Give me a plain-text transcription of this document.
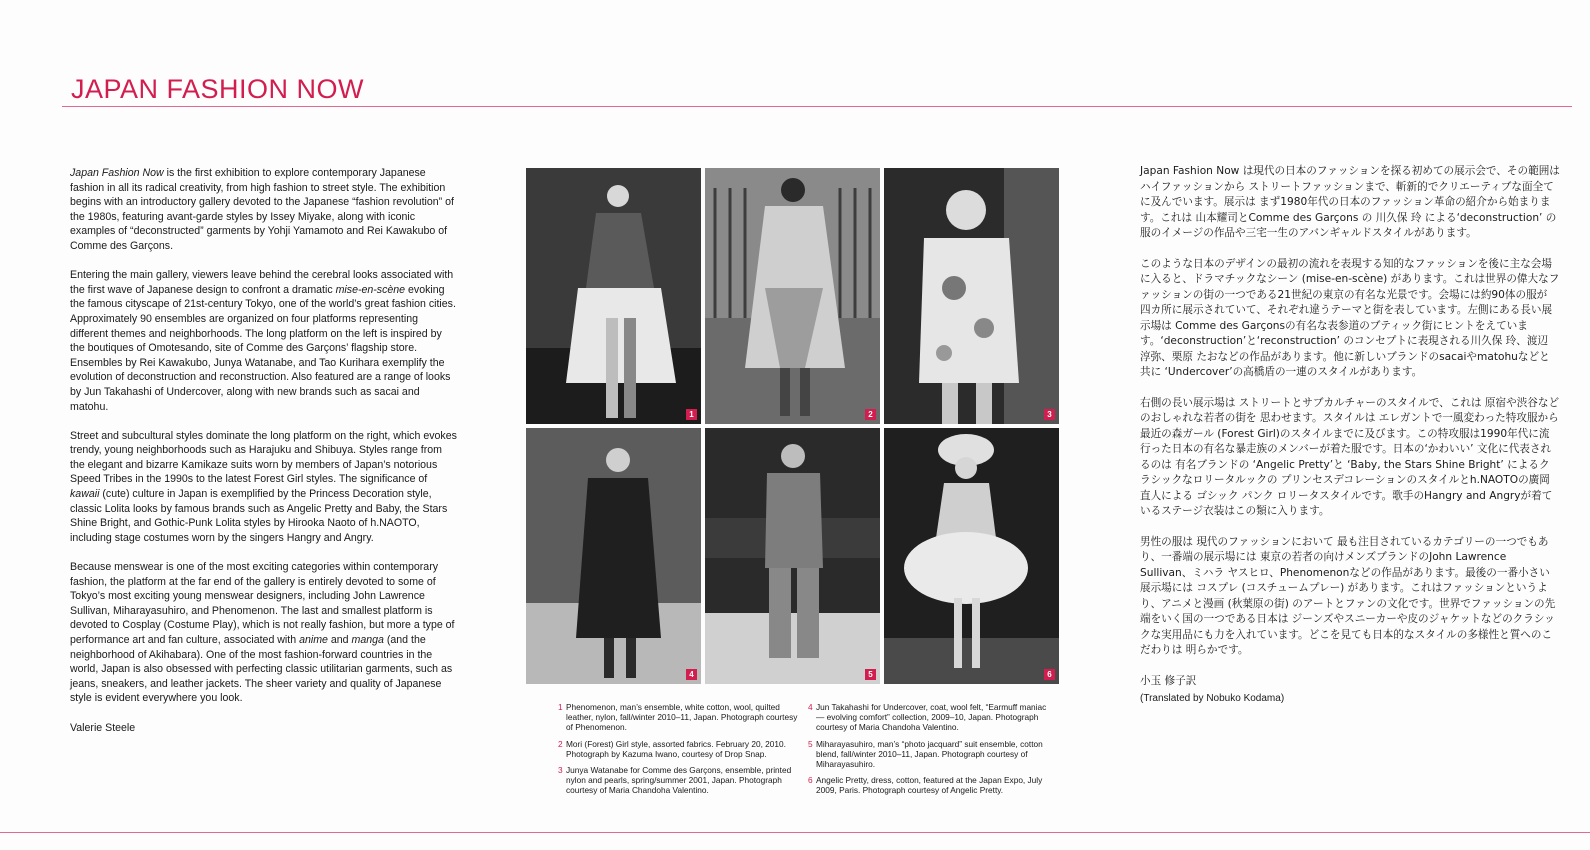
JAPAN FASHION NOW

Japan Fashion Now is the first exhibition to explore contemporary Japanese fashion in all its radical creativity, from high fashion to street style. The exhibition begins with an introductory gallery devoted to the Japanese “fashion revolution” of the 1980s, featuring avant-garde styles by Issey Miyake, along with iconic examples of “deconstructed” garments by Yohji Yamamoto and Rei Kawakubo of Comme des Garçons.

Entering the main gallery, viewers leave behind the cerebral looks associated with the first wave of Japanese design to confront a dramatic mise-en-scène evoking the famous cityscape of 21st-century Tokyo, one of the world’s great fashion cities. Approximately 90 ensembles are organized on four platforms representing different themes and neighborhoods. The long platform on the left is inspired by the boutiques of Omotesando, site of Comme des Garçons’ flagship store. Ensembles by Rei Kawakubo, Junya Watanabe, and Tao Kurihara exemplify the evolution of deconstruction and reconstruction. Also featured are a range of looks by Jun Takahashi of Undercover, along with new brands such as sacai and matohu.

Street and subcultural styles dominate the long platform on the right, which evokes trendy, young neighborhoods such as Harajuku and Shibuya. Styles range from the elegant and bizarre Kamikaze suits worn by members of Japan’s notorious Speed Tribes in the 1990s to the latest Forest Girl styles. The significance of kawaii (cute) culture in Japan is exemplified by the Princess Decoration style, classic Lolita looks by famous brands such as Angelic Pretty and Baby, the Stars Shine Bright, and Gothic-Punk Lolita styles by Hirooka Naoto of h.NAOTO, including stage costumes worn by the singers Hangry and Angry.

Because menswear is one of the most exciting categories within contemporary fashion, the platform at the far end of the gallery is entirely devoted to some of Tokyo’s most exciting young menswear designers, including John Lawrence Sullivan, Miharayasuhiro, and Phenomenon. The last and smallest platform is devoted to Cosplay (Costume Play), which is not really fashion, but more a type of performance art and fan culture, associated with anime and manga (and the neighborhood of Akihabara). One of the most fashion-forward countries in the world, Japan is also obsessed with perfecting classic utilitarian garments, such as jeans, sneakers, and leather jackets. The sheer variety and quality of Japanese style is evident everywhere you look.

Valerie Steele

1	2	3
4	5	6
1 Phenomenon, man’s ensemble, white cotton, wool, quilted leather, nylon, fall/winter 2010–11, Japan. Photograph courtesy of Phenomenon.
2 Mori (Forest) Girl style, assorted fabrics. February 20, 2010. Photograph by Kazuma Iwano, courtesy of Drop Snap.
3 Junya Watanabe for Comme des Garçons, ensemble, printed nylon and pearls, spring/summer 2001, Japan. Photograph courtesy of Maria Chandoha Valentino.
4 Jun Takahashi for Undercover, coat, wool felt, “Earmuff maniac — evolving comfort” collection, 2009–10, Japan. Photograph courtesy of Maria Chandoha Valentino.
5 Miharayasuhiro, man’s “photo jacquard” suit ensemble, cotton blend, fall/winter 2010–11, Japan. Photograph courtesy of Miharayasuhiro.
6 Angelic Pretty, dress, cotton, featured at the Japan Expo, July 2009, Paris. Photograph courtesy of Angelic Pretty.

Japan Fashion Now は現代の日本のファッションを探る初めての展示会で、その範囲は ハイファッションから ストリートファッションまで、斬新的でクリエーティブな面全てに及んでいます。展示は まず1980年代の日本のファッション革命の紹介から始まります。これは 山本耀司とComme des Garçons の 川久保 玲 による‘deconstruction’ の服のイメージの作品や三宅一生のアバンギャルドスタイルがあります。

このような日本のデザインの最初の流れを表現する知的なファッションを後に主な会場に入ると、ドラマチックなシーン (mise-en-scène) があります。これは世界の偉大なファッションの街の一つである21世紀の東京の有名な光景です。会場には約90体の服が 四カ所に展示されていて、それぞれ違うテーマと街を表しています。左側にある長い展示場は Comme des Garçonsの有名な表参道のブティック街にヒントをえています。‘deconstruction’と‘reconstruction’ のコンセプトに表現される川久保 玲、渡辺 淳弥、栗原 たおなどの作品があります。他に新しいブランドのsacaiやmatohuなどと共に ‘Undercover’の高橋盾の一連のスタイルがあります。

右側の長い展示場は ストリートとサブカルチャーのスタイルで、これは 原宿や渋谷などのおしゃれな若者の街を 思わせます。スタイルは エレガントで一風変わった特攻服から 最近の森ガール (Forest Girl)のスタイルまでに及びます。この特攻服は1990年代に流行った日本の有名な暴走族のメンバーが着た服です。日本の‘かわいい’ 文化に代表されるのは 有名ブランドの ‘Angelic Pretty’と ‘Baby, the Stars Shine Bright’ によるクラシックなロリータルックの プリンセスデコレーションのスタイルとh.NAOTOの廣岡 直人による ゴシック パンク ロリータスタイルです。歌手のHangry and Angryが着ているステージ衣装はこの類に入ります。

男性の服は 現代のファッションにおいて 最も注目されているカテゴリーの一つでもあり、一番端の展示場には 東京の若者の向けメンズブランドのJohn Lawrence Sullivan、ミハラ ヤスヒロ、Phenomenonなどの作品があります。最後の一番小さい展示場には コスプレ (コスチュームプレー) があります。これはファッションというより、アニメと漫画 (秋葉原の街) のアートとファンの文化です。世界でファッションの先端をいく国の一つである日本は ジーンズやスニーカーや皮のジャケットなどのクラシックな実用品にも力を入れています。どこを見ても日本的なスタイルの多様性と質へのこだわりは 明らかです。

小玉 修子訳

(Translated by Nobuko Kodama)
